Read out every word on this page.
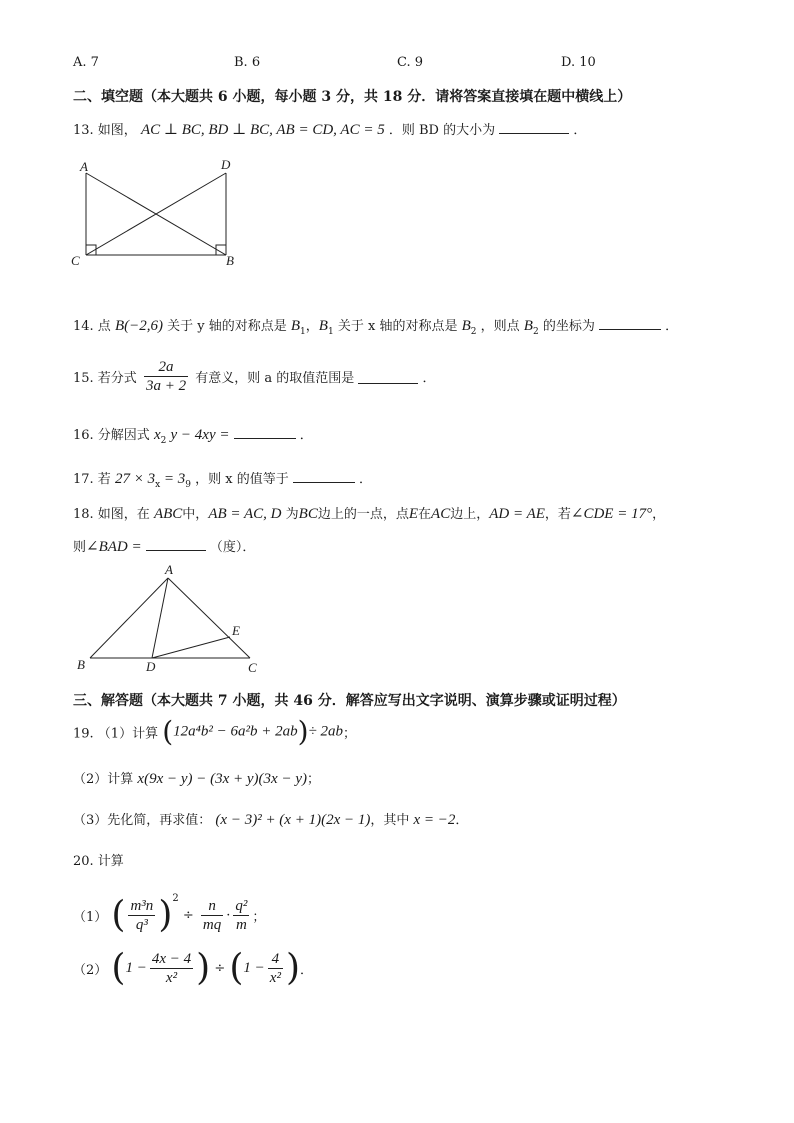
A. 7	B. 6	C. 9	D. 10
二、填空题（本大题共 6 小题，每小题 3 分，共 18 分．请将答案直接填在题中横线上）
13. 如图， AC ⊥ BC, BD ⊥ BC, AB = CD, AC = 5 ．则 BD 的大小为	．
A	D
C	B
14. 点 B(−2,6) 关于 y 轴的对称点是 $B_1$，$B_1$ 关于 x 轴的对称点是 $B_2$ ，则点 $B_2$ 的坐标为	．
15. 若分式 $\frac{2a}{3a + 2}$ 有意义，则 a 的取值范围是	．
16. 分解因式 $x_2$ y − 4xy =	．
17. 若 $27 \times 3_x = 3_9$ ，则 x 的值等于	．
18. 如图，在 ABC中，AB = AC, D 为BC边上的一点，点E在AC边上，AD = AE，若∠CDE = 17°，
则∠BAD =	（度）．
A
B	D	C
E
三、解答题（本大题共 7 小题，共 46 分．解答应写出文字说明、演算步骤或证明过程）
19. （1）计算 (12a⁴b² − 6a²b + 2ab)÷ 2ab；
（2）计算 x(9x − y) − (3x + y)(3x − y)；
（3）先化简，再求值： (x − 3)² + (x + 1)(2x − 1)，其中 x = −2．
20. 计算
（1） ( $\frac{\text{m³n}}{\text{q³}} )^2 \div \frac{n}{mq} \cdot \frac{\text{q²}}{m}$ ；
（2） ($1 - \frac{4x - 4}{\text{x²}}$ ) ÷ ($1 - \frac{4}{\text{x²}}$ )．
